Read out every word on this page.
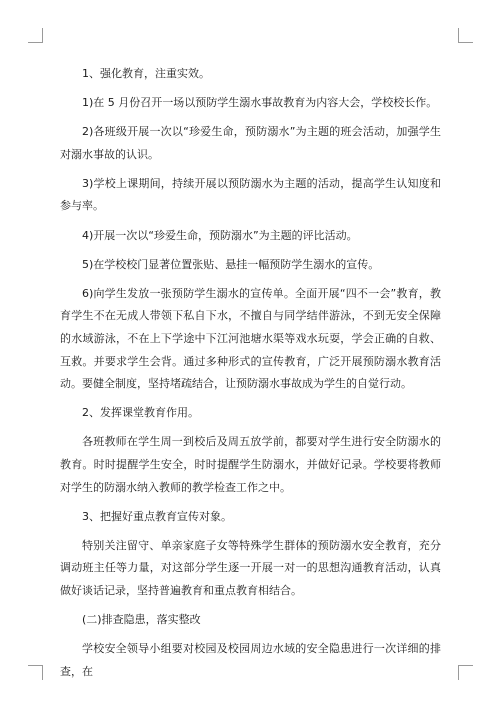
1、强化教育，注重实效。

1)在 5 月份召开一场以预防学生溺水事故教育为内容大会，学校校长作。

2)各班级开展一次以“珍爱生命，预防溺水”为主题的班会活动，加强学生对溺水事故的认识。

3)学校上课期间，持续开展以预防溺水为主题的活动，提高学生认知度和参与率。

4)开展一次以“珍爱生命，预防溺水”为主题的评比活动。

5)在学校校门显著位置张贴、悬挂一幅预防学生溺水的宣传。

6)向学生发放一张预防学生溺水的宣传单。全面开展“四不一会”教育，教育学生不在无成人带领下私自下水，不擅自与同学结伴游泳，不到无安全保障的水域游泳，不在上下学途中下江河池塘水渠等戏水玩耍，学会正确的自救、互救。并要求学生会背。通过多种形式的宣传教育，广泛开展预防溺水教育活动。要健全制度，坚持堵疏结合，让预防溺水事故成为学生的自觉行动。

2、发挥课堂教育作用。

各班教师在学生周一到校后及周五放学前，都要对学生进行安全防溺水的教育。时时提醒学生安全，时时提醒学生防溺水，并做好记录。学校要将教师对学生的防溺水纳入教师的教学检查工作之中。

3、把握好重点教育宣传对象。

特别关注留守、单亲家庭子女等特殊学生群体的预防溺水安全教育，充分调动班主任等力量，对这部分学生逐一开展一对一的思想沟通教育活动，认真做好谈话记录，坚持普遍教育和重点教育相结合。

(二)排查隐患，落实整改

学校安全领导小组要对校园及校园周边水域的安全隐患进行一次详细的排查，在
